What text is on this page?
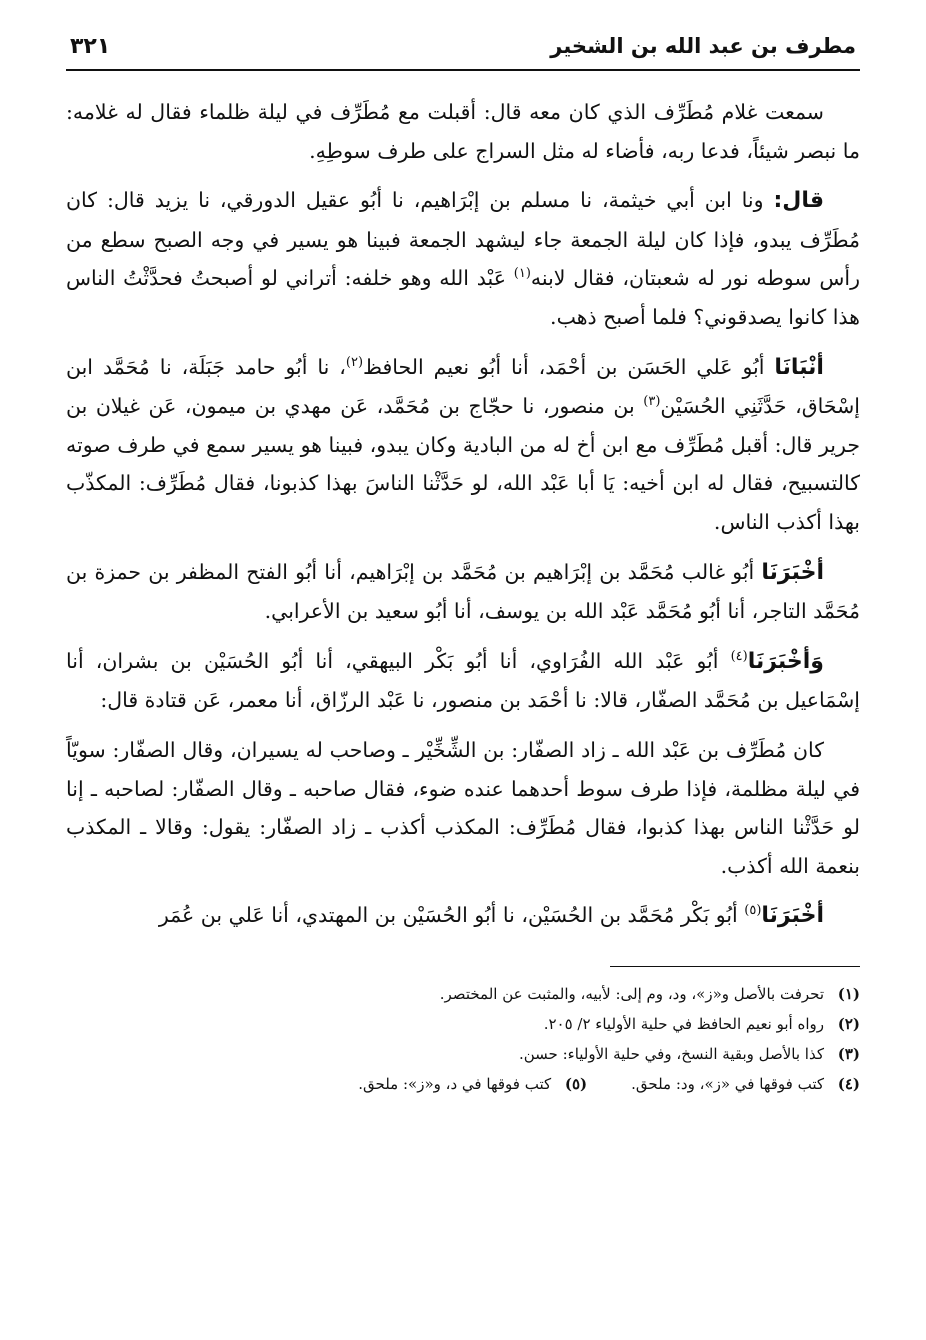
مطرف بن عبد الله بن الشخير
٣٢١

سمعت غلام مُطَرِّف الذي كان معه قال: أقبلت مع مُطَرِّف في ليلة ظلماء فقال له غلامه: ما نبصر شيئاً، فدعا ربه، فأضاء له مثل السراج على طرف سوطِهِ.

قال: ونا ابن أبي خيثمة، نا مسلم بن إبْرَاهيم، نا أبُو عقيل الدورقي، نا يزيد قال: كان مُطَرِّف يبدو، فإذا كان ليلة الجمعة جاء ليشهد الجمعة فبينا هو يسير في وجه الصبح سطع من رأس سوطه نور له شعبتان، فقال لابنه$^{(١)}$ عَبْد الله وهو خلفه: أتراني لو أصبحتُ فحدَّثْتُ الناس هذا كانوا يصدقوني؟ فلما أصبح ذهب.

أنْبَانَا أبُو عَلي الحَسَن بن أحْمَد، أنا أبُو نعيم الحافظ$^{(٢)}$، نا أبُو حامد جَبَلَة، نا مُحَمَّد ابن إسْحَاق، حَدَّثَنِي الحُسَيْن$^{(٣)}$ بن منصور، نا حجّاج بن مُحَمَّد، عَن مهدي بن ميمون، عَن غيلان بن جرير قال: أقبل مُطَرِّف مع ابن أخ له من البادية وكان يبدو، فبينا هو يسير سمع في طرف صوته كالتسبيح، فقال له ابن أخيه: يَا أبا عَبْد الله، لو حَدَّثْنا الناسَ بهذا كذبونا، فقال مُطَرِّف: المكذّب بهذا أكذب الناس.

أخْبَرَنَا أبُو غالب مُحَمَّد بن إبْرَاهيم بن مُحَمَّد بن إبْرَاهيم، أنا أبُو الفتح المظفر بن حمزة بن مُحَمَّد التاجر، أنا أبُو مُحَمَّد عَبْد الله بن يوسف، أنا أبُو سعيد بن الأعرابي.

وَأخْبَرَنَا$^{(٤)}$ أبُو عَبْد الله الفُرَاوي، أنا أبُو بَكْر البيهقي، أنا أبُو الحُسَيْن بن بشران، أنا إسْمَاعيل بن مُحَمَّد الصفّار، قالا: نا أحْمَد بن منصور، نا عَبْد الرزّاق، أنا معمر، عَن قتادة قال:

كان مُطَرِّف بن عَبْد الله ـ زاد الصفّار: بن الشِّخِّيْر ـ وصاحب له يسيران، وقال الصفّار: سويّاً في ليلة مظلمة، فإذا طرف سوط أحدهما عنده ضوء، فقال صاحبه ـ وقال الصفّار: لصاحبه ـ إنا لو حَدَّثْنا الناس بهذا كذبوا، فقال مُطَرِّف: المكذب أكذب ـ زاد الصفّار: يقول: وقالا ـ المكذب بنعمة الله أكذب.

أخْبَرَنَا$^{(٥)}$ أبُو بَكْر مُحَمَّد بن الحُسَيْن، نا أبُو الحُسَيْن بن المهتدي، أنا عَلي بن عُمَر

(١)
تحرفت بالأصل و«ز»، ود، وم إلى: لأبيه، والمثبت عن المختصر.
(٢)
رواه أبو نعيم الحافظ في حلية الأولياء ٢/ ٢٠٥.
(٣)
كذا بالأصل وبقية النسخ، وفي حلية الأولياء: حسن.
(٤)
كتب فوقها في «ز»، ود: ملحق.
(٥)
كتب فوقها في د، و«ز»: ملحق.
